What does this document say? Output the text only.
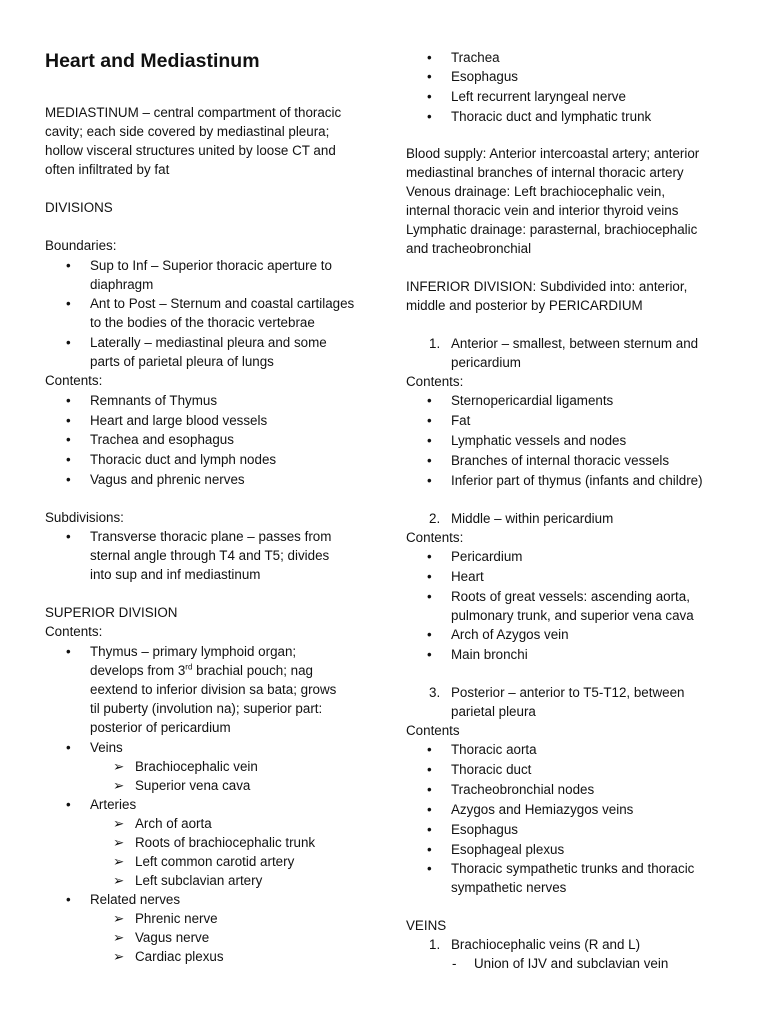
Heart and Mediastinum
MEDIASTINUM – central compartment of thoracic
cavity; each side covered by mediastinal pleura;
hollow visceral structures united by loose CT and
often infiltrated by fat
DIVISIONS
Boundaries:
• Sup to Inf – Superior thoracic aperture to
diaphragm
• Ant to Post – Sternum and coastal cartilages
to the bodies of the thoracic vertebrae
• Laterally – mediastinal pleura and some
parts of parietal pleura of lungs
Contents:
• Remnants of Thymus
• Heart and large blood vessels
• Trachea and esophagus
• Thoracic duct and lymph nodes
• Vagus and phrenic nerves
Subdivisions:
• Transverse thoracic plane – passes from
sternal angle through T4 and T5; divides
into sup and inf mediastinum
SUPERIOR DIVISION
Contents:
• Thymus – primary lymphoid organ;
develops from 3rd brachial pouch; nag
eextend to inferior division sa bata; grows
til puberty (involution na); superior part:
posterior of pericardium
• Veins
➢ Brachiocephalic vein
➢ Superior vena cava
• Arteries
➢ Arch of aorta
➢ Roots of brachiocephalic trunk
➢ Left common carotid artery
➢ Left subclavian artery
• Related nerves
➢ Phrenic nerve
➢ Vagus nerve
➢ Cardiac plexus
• Trachea
• Esophagus
• Left recurrent laryngeal nerve
• Thoracic duct and lymphatic trunk
Blood supply: Anterior intercoastal artery; anterior
mediastinal branches of internal thoracic artery
Venous drainage: Left brachiocephalic vein,
internal thoracic vein and interior thyroid veins
Lymphatic drainage: parasternal, brachiocephalic
and tracheobronchial
INFERIOR DIVISION: Subdivided into: anterior,
middle and posterior by PERICARDIUM
1. Anterior – smallest, between sternum and
pericardium
Contents:
• Sternopericardial ligaments
• Fat
• Lymphatic vessels and nodes
• Branches of internal thoracic vessels
• Inferior part of thymus (infants and childre)
2. Middle – within pericardium
Contents:
• Pericardium
• Heart
• Roots of great vessels: ascending aorta,
pulmonary trunk, and superior vena cava
• Arch of Azygos vein
• Main bronchi
3. Posterior – anterior to T5-T12, between
parietal pleura
Contents
• Thoracic aorta
• Thoracic duct
• Tracheobronchial nodes
• Azygos and Hemiazygos veins
• Esophagus
• Esophageal plexus
• Thoracic sympathetic trunks and thoracic
sympathetic nerves
VEINS
1. Brachiocephalic veins (R and L)
- Union of IJV and subclavian vein
